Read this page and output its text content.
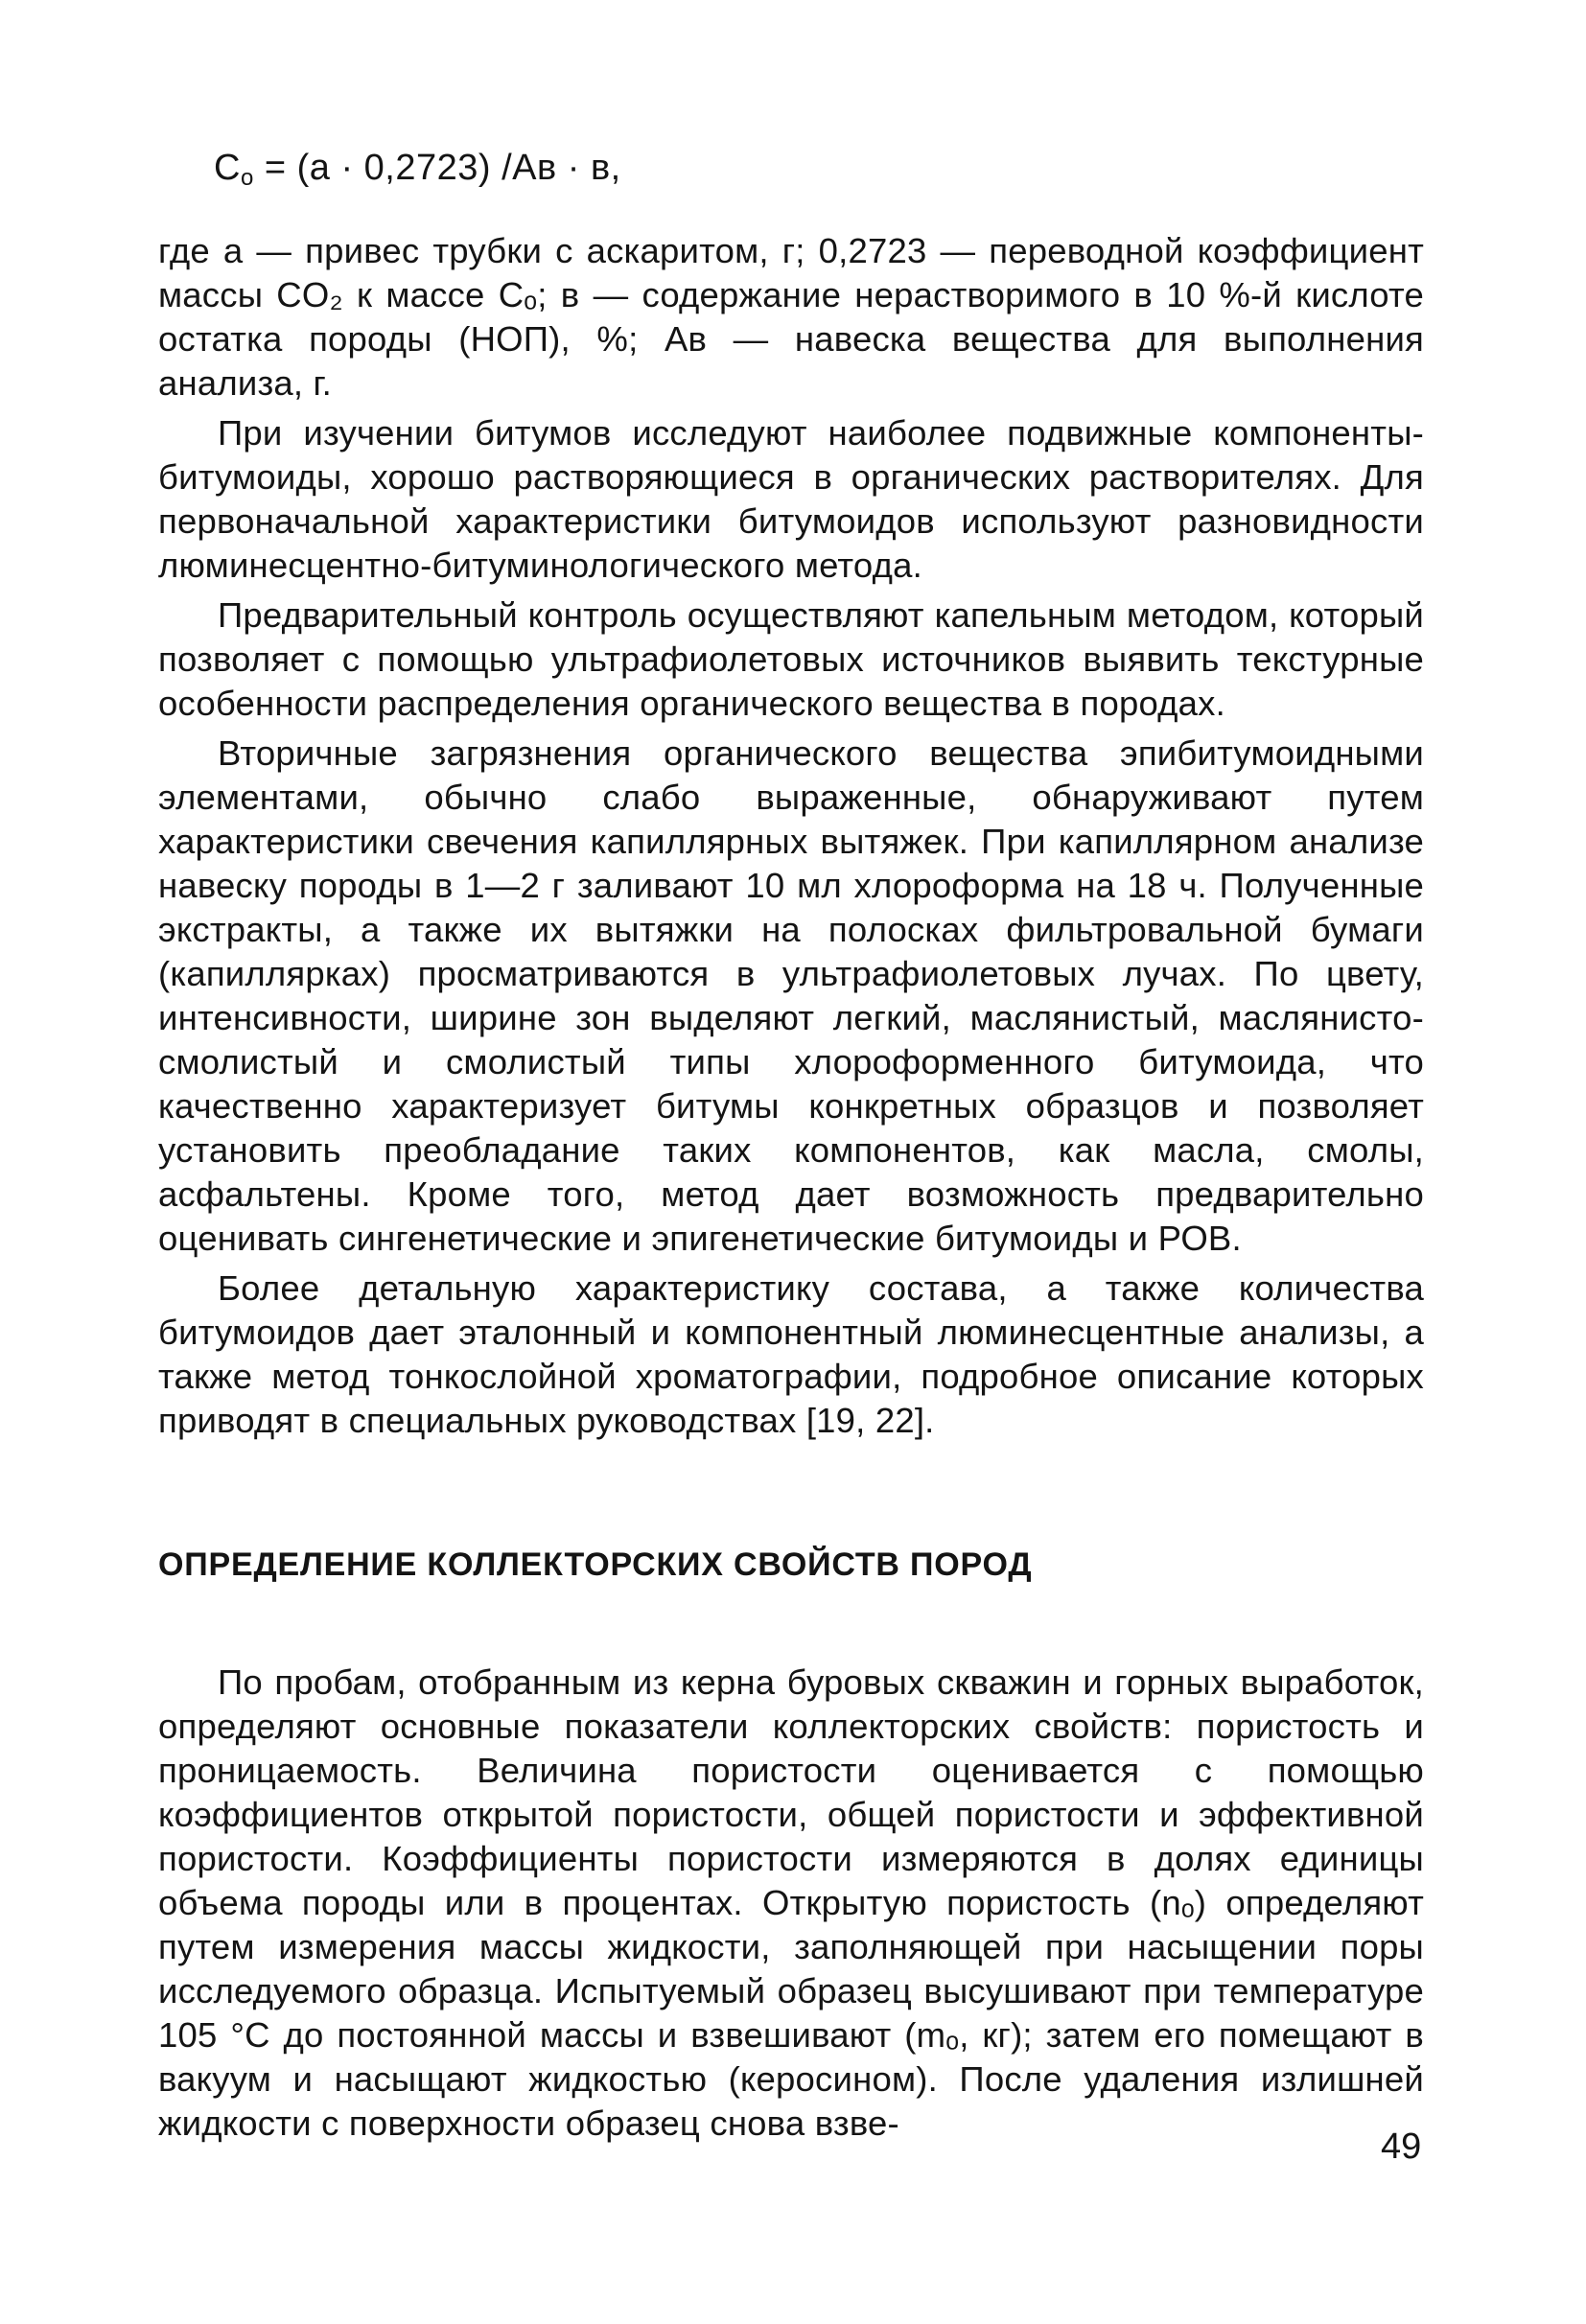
$C_o = (a \cdot 0,2723) /Ав \cdot в$,

где а — привес трубки с аскаритом, г; 0,2723 — переводной коэффициент массы CO₂ к массе Cₒ; в — содержание нерастворимого в 10 %-й кислоте остатка породы (НОП), %; Ав — навеска вещества для выполнения анализа, г.

При изучении битумов исследуют наиболее подвижные компоненты-битумоиды, хорошо растворяющиеся в органических растворителях. Для первоначальной характеристики битумоидов используют разновидности люминесцентно-битуминологического метода.

Предварительный контроль осуществляют капельным методом, который позволяет с помощью ультрафиолетовых источников выявить текстурные особенности распределения органического вещества в породах.

Вторичные загрязнения органического вещества эпибитумоидными элементами, обычно слабо выраженные, обнаруживают путем характеристики свечения капиллярных вытяжек. При капиллярном анализе навеску породы в 1—2 г заливают 10 мл хлороформа на 18 ч. Полученные экстракты, а также их вытяжки на полосках фильтровальной бумаги (капиллярках) просматриваются в ультрафиолетовых лучах. По цвету, интенсивности, ширине зон выделяют легкий, маслянистый, маслянисто-смолистый и смолистый типы хлороформенного битумоида, что качественно характеризует битумы конкретных образцов и позволяет установить преобладание таких компонентов, как масла, смолы, асфальтены. Кроме того, метод дает возможность предварительно оценивать сингенетические и эпигенетические битумоиды и РОВ.

Более детальную характеристику состава, а также количества битумоидов дает эталонный и компонентный люминесцентные анализы, а также метод тонкослойной хроматографии, подробное описание которых приводят в специальных руководствах [19, 22].

ОПРЕДЕЛЕНИЕ КОЛЛЕКТОРСКИХ СВОЙСТВ ПОРОД

По пробам, отобранным из керна буровых скважин и горных выработок, определяют основные показатели коллекторских свойств: пористость и проницаемость. Величина пористости оценивается с помощью коэффициентов открытой пористости, общей пористости и эффективной пористости. Коэффициенты пористости измеряются в долях единицы объема породы или в процентах. Открытую пористость (nₒ) определяют путем измерения массы жидкости, заполняющей при насыщении поры исследуемого образца. Испытуемый образец высушивают при температуре 105 °C до постоянной массы и взвешивают (mₒ, кг); затем его помещают в вакуум и насыщают жидкостью (керосином). После удаления излишней жидкости с поверхности образец снова взве-

49
